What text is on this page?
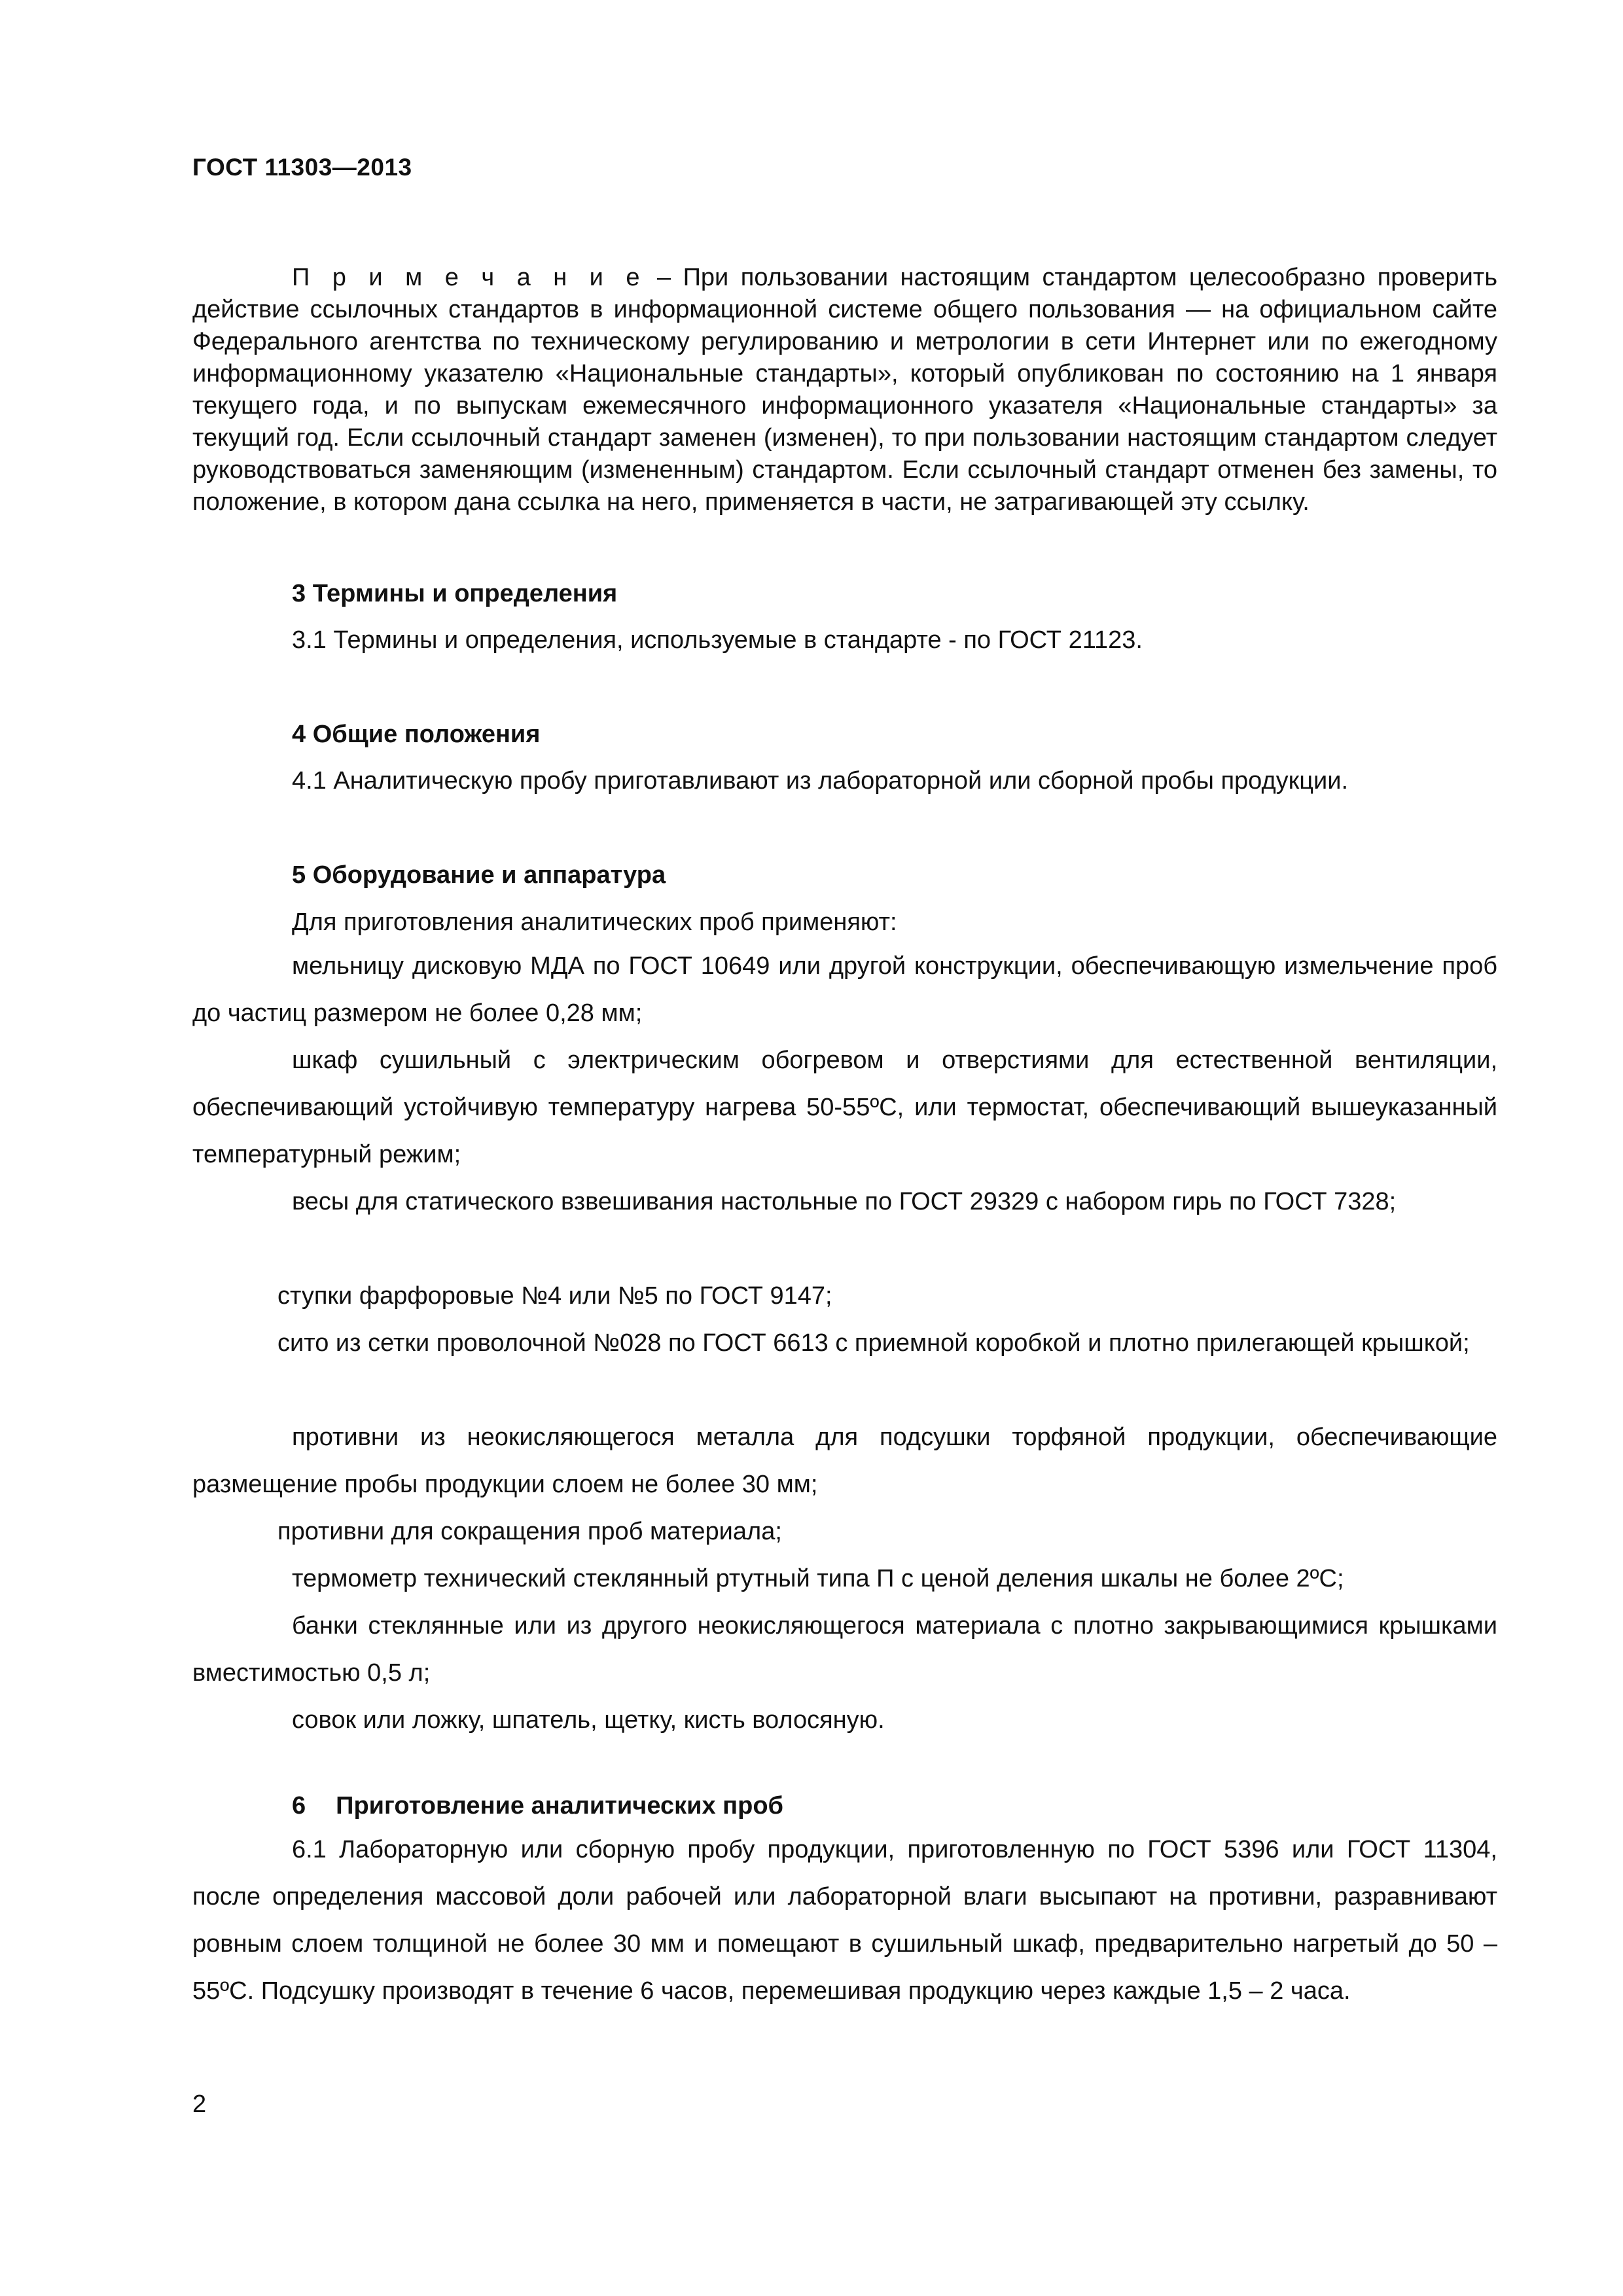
ГОСТ 11303—2013

П р и м е ч а н и е – При пользовании настоящим стандартом целесообразно проверить действие ссылочных стандартов в информационной системе общего пользования — на официальном сайте Федерального агентства по техническому регулированию и метрологии в сети Интернет или по ежегодному информационному указателю «Национальные стандарты», который опубликован по состоянию на 1 января текущего года, и по выпускам ежемесячного информационного указателя «Национальные стандарты» за текущий год. Если ссылочный стандарт заменен (изменен), то при пользовании настоящим стандартом следует руководствоваться заменяющим (измененным) стандартом. Если ссылочный стандарт отменен без замены, то положение, в котором дана ссылка на него, применяется в части, не затрагивающей эту ссылку.

3 Термины и определения
3.1 Термины и определения, используемые в стандарте - по ГОСТ 21123.
4 Общие положения
4.1 Аналитическую пробу приготавливают из лабораторной или сборной пробы продукции.
5 Оборудование и аппаратура
Для приготовления аналитических проб применяют:

мельницу дисковую МДА по ГОСТ 10649 или другой конструкции, обеспечивающую измельчение проб до частиц размером не более 0,28 мм;

шкаф сушильный с электрическим обогревом и отверстиями для естественной вентиляции, обеспечивающий устойчивую температуру нагрева 50-55ºС, или термостат, обеспечивающий вышеуказанный температурный режим;

весы для статического взвешивания настольные по ГОСТ 29329 с набором гирь по ГОСТ 7328;

ступки фарфоровые №4 или №5 по ГОСТ 9147;

сито из сетки проволочной №028 по ГОСТ 6613 с приемной коробкой и плотно прилегающей крышкой;

противни из неокисляющегося металла для подсушки торфяной продукции, обеспечивающие размещение пробы продукции слоем не более 30 мм;

противни для сокращения проб материала;

термометр технический стеклянный ртутный типа П с ценой деления шкалы не более 2ºС;

банки стеклянные или из другого неокисляющегося материала с плотно закрывающимися крышками вместимостью 0,5 л;

совок или ложку, шпатель, щетку, кисть волосяную.

6 Приготовление аналитических проб

6.1 Лабораторную или сборную пробу продукции, приготовленную по ГОСТ 5396 или ГОСТ 11304, после определения массовой доли рабочей или лабораторной влаги высыпают на противни, разравнивают ровным слоем толщиной не более 30 мм и помещают в сушильный шкаф, предварительно нагретый до 50 – 55ºС. Подсушку производят в течение 6 часов, перемешивая продукцию через каждые 1,5 – 2 часа.

2
